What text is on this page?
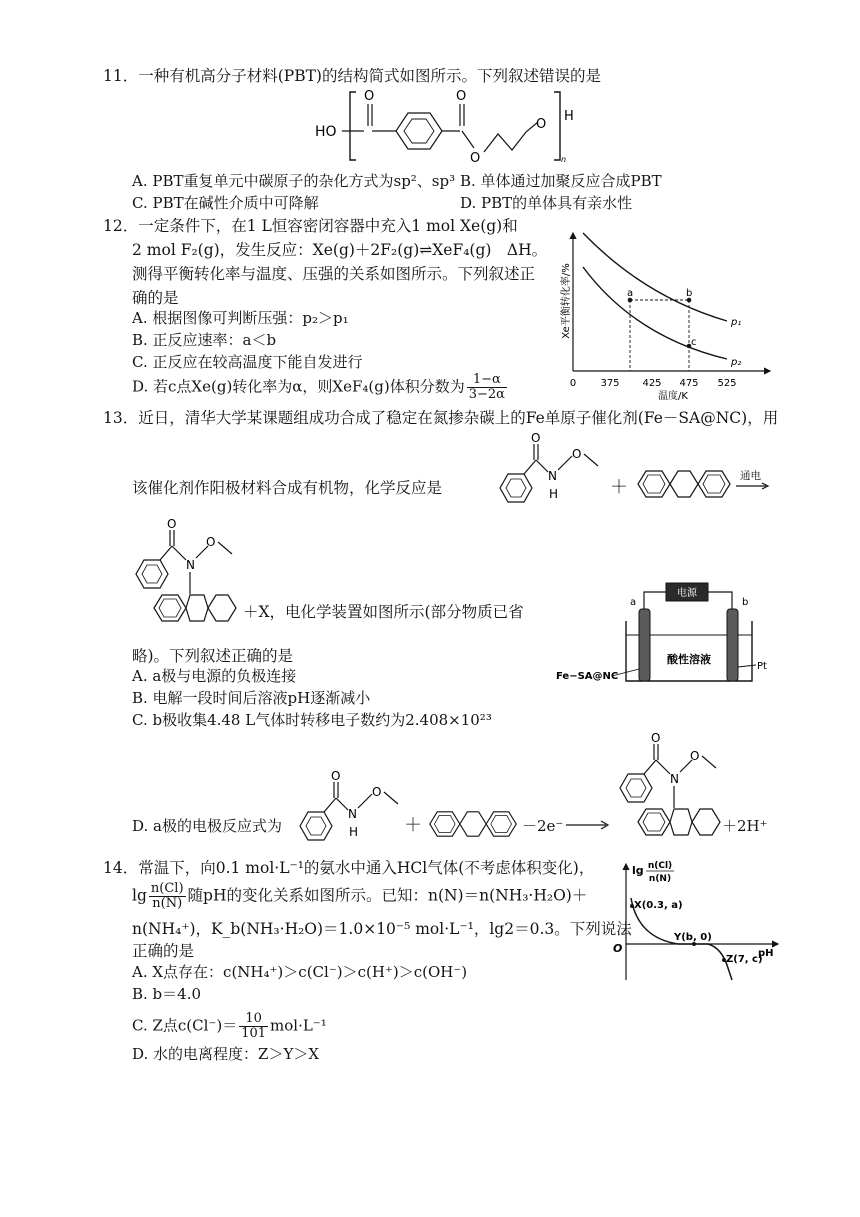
11．一种有机高分子材料(PBT)的结构简式如图所示。下列叙述错误的是
HO
O	O
O
O
H
n
A. PBT重复单元中碳原子的杂化方式为sp²、sp³ B. 单体通过加聚反应合成PBT
C. PBT在碱性介质中可降解	D. PBT的单体具有亲水性
12．一定条件下，在1 L恒容密闭容器中充入1 mol Xe(g)和
2 mol F₂(g)，发生反应：Xe(g)＋2F₂(g)⇌XeF₄(g)　ΔH。
测得平衡转化率与温度、压强的关系如图所示。下列叙述正
确的是
A. 根据图像可判断压强：p₂＞p₁
B. 正反应速率：a＜b
C. 正反应在较高温度下能自发进行
D. 若c点Xe(g)转化率为α，则XeF₄(g)体积分数为 $\frac{1-\alpha}{3-2\alpha}$
Xe平衡转化率/%
0 375 425 475 525
温度/K
p₁
p₂
a	b
c
13．近日，清华大学某课题组成功合成了稳定在氮掺杂碳上的Fe单原子催化剂(Fe－SA@NC)，用
该催化剂作阳极材料合成有机物，化学反应是
O
N
H
O
＋
通电
O
N
O
＋X，电化学装置如图所示(部分物质已省
电源
a	b
酸性溶液
Fe−SA@NC
Pt
略)。下列叙述正确的是
A. a极与电源的负极连接
B. 电解一段时间后溶液pH逐渐减小
C. b极收集4.48 L气体时转移电子数约为2.408×10²³
D. a极的电极反应式为
O
N
H
O
＋	－2e⁻
O
N
O
＋2H⁺
14．常温下，向0.1 mol·L⁻¹的氨水中通入HCl气体(不考虑体积变化)，
$\lg \frac{n(Cl)}{n(N)}$ 随pH的变化关系如图所示。已知：n(N)＝n(NH₃·H₂O)＋
n(NH₄⁺)，K_b(NH₃·H₂O)＝1.0×10⁻⁵ mol·L⁻¹，lg2＝0.3。下列说法
正确的是
A. X点存在：c(NH₄⁺)＞c(Cl⁻)＞c(H⁺)＞c(OH⁻)
B. b＝4.0
C. Z点$c(Cl^-)= \frac{10}{101} mol\cdot L^{-1}$
D. 水的电离程度：Z＞Y＞X
lg n(Cl)
n(N)
O	pH
X(0.3, a)
Y(b, 0)
Z(7, c)
